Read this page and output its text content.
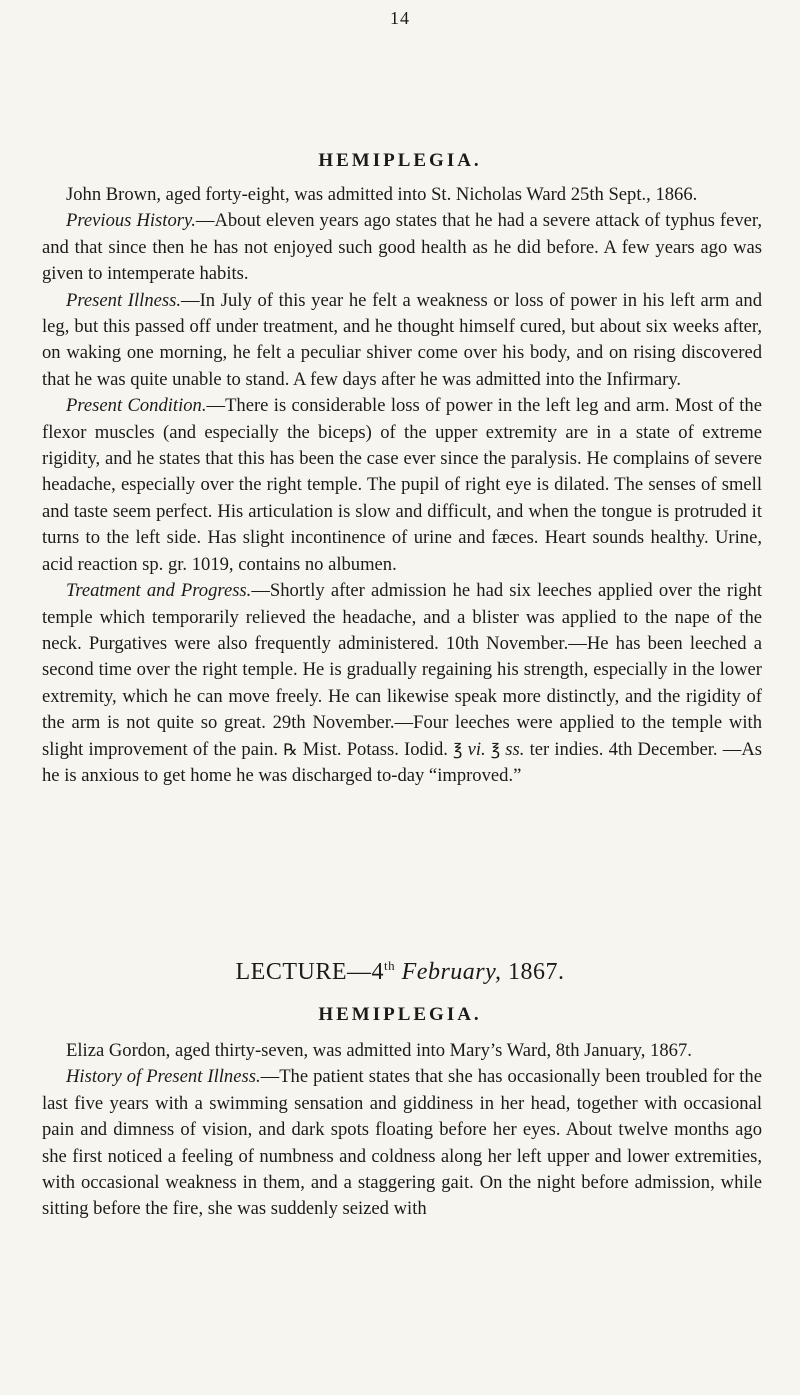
14
HEMIPLEGIA.

John Brown, aged forty-eight, was admitted into St. Nicholas Ward 25th Sept., 1866.

Previous History.—About eleven years ago states that he had a severe attack of typhus fever, and that since then he has not enjoyed such good health as he did before. A few years ago was given to intemperate habits.

Present Illness.—In July of this year he felt a weakness or loss of power in his left arm and leg, but this passed off under treatment, and he thought himself cured, but about six weeks after, on waking one morning, he felt a peculiar shiver come over his body, and on rising discovered that he was quite unable to stand. A few days after he was admitted into the Infirmary.

Present Condition.—There is considerable loss of power in the left leg and arm. Most of the flexor muscles (and especially the biceps) of the upper extremity are in a state of extreme rigidity, and he states that this has been the case ever since the paralysis. He complains of severe headache, especially over the right temple. The pupil of right eye is dilated. The senses of smell and taste seem perfect. His articulation is slow and difficult, and when the tongue is protruded it turns to the left side. Has slight incontinence of urine and fæces. Heart sounds healthy. Urine, acid reaction sp. gr. 1019, contains no albumen.

Treatment and Progress.—Shortly after admission he had six leeches applied over the right temple which temporarily relieved the headache, and a blister was applied to the nape of the neck. Purgatives were also frequently administered. 10th November.—He has been leeched a second time over the right temple. He is gradually regaining his strength, especially in the lower extremity, which he can move freely. He can likewise speak more distinctly, and the rigidity of the arm is not quite so great. 29th November.—Four leeches were applied to the temple with slight improvement of the pain. ℞ Mist. Potass. Iodid. ℥ vi. ℥ ss. ter indies. 4th December. —As he is anxious to get home he was discharged to-day “improved.”

LECTURE—4th February, 1867.
HEMIPLEGIA.

Eliza Gordon, aged thirty-seven, was admitted into Mary’s Ward, 8th January, 1867.

History of Present Illness.—The patient states that she has occasionally been troubled for the last five years with a swimming sensation and giddiness in her head, together with occasional pain and dimness of vision, and dark spots floating before her eyes. About twelve months ago she first noticed a feeling of numbness and coldness along her left upper and lower extremities, with occasional weakness in them, and a staggering gait. On the night before admission, while sitting before the fire, she was suddenly seized with
